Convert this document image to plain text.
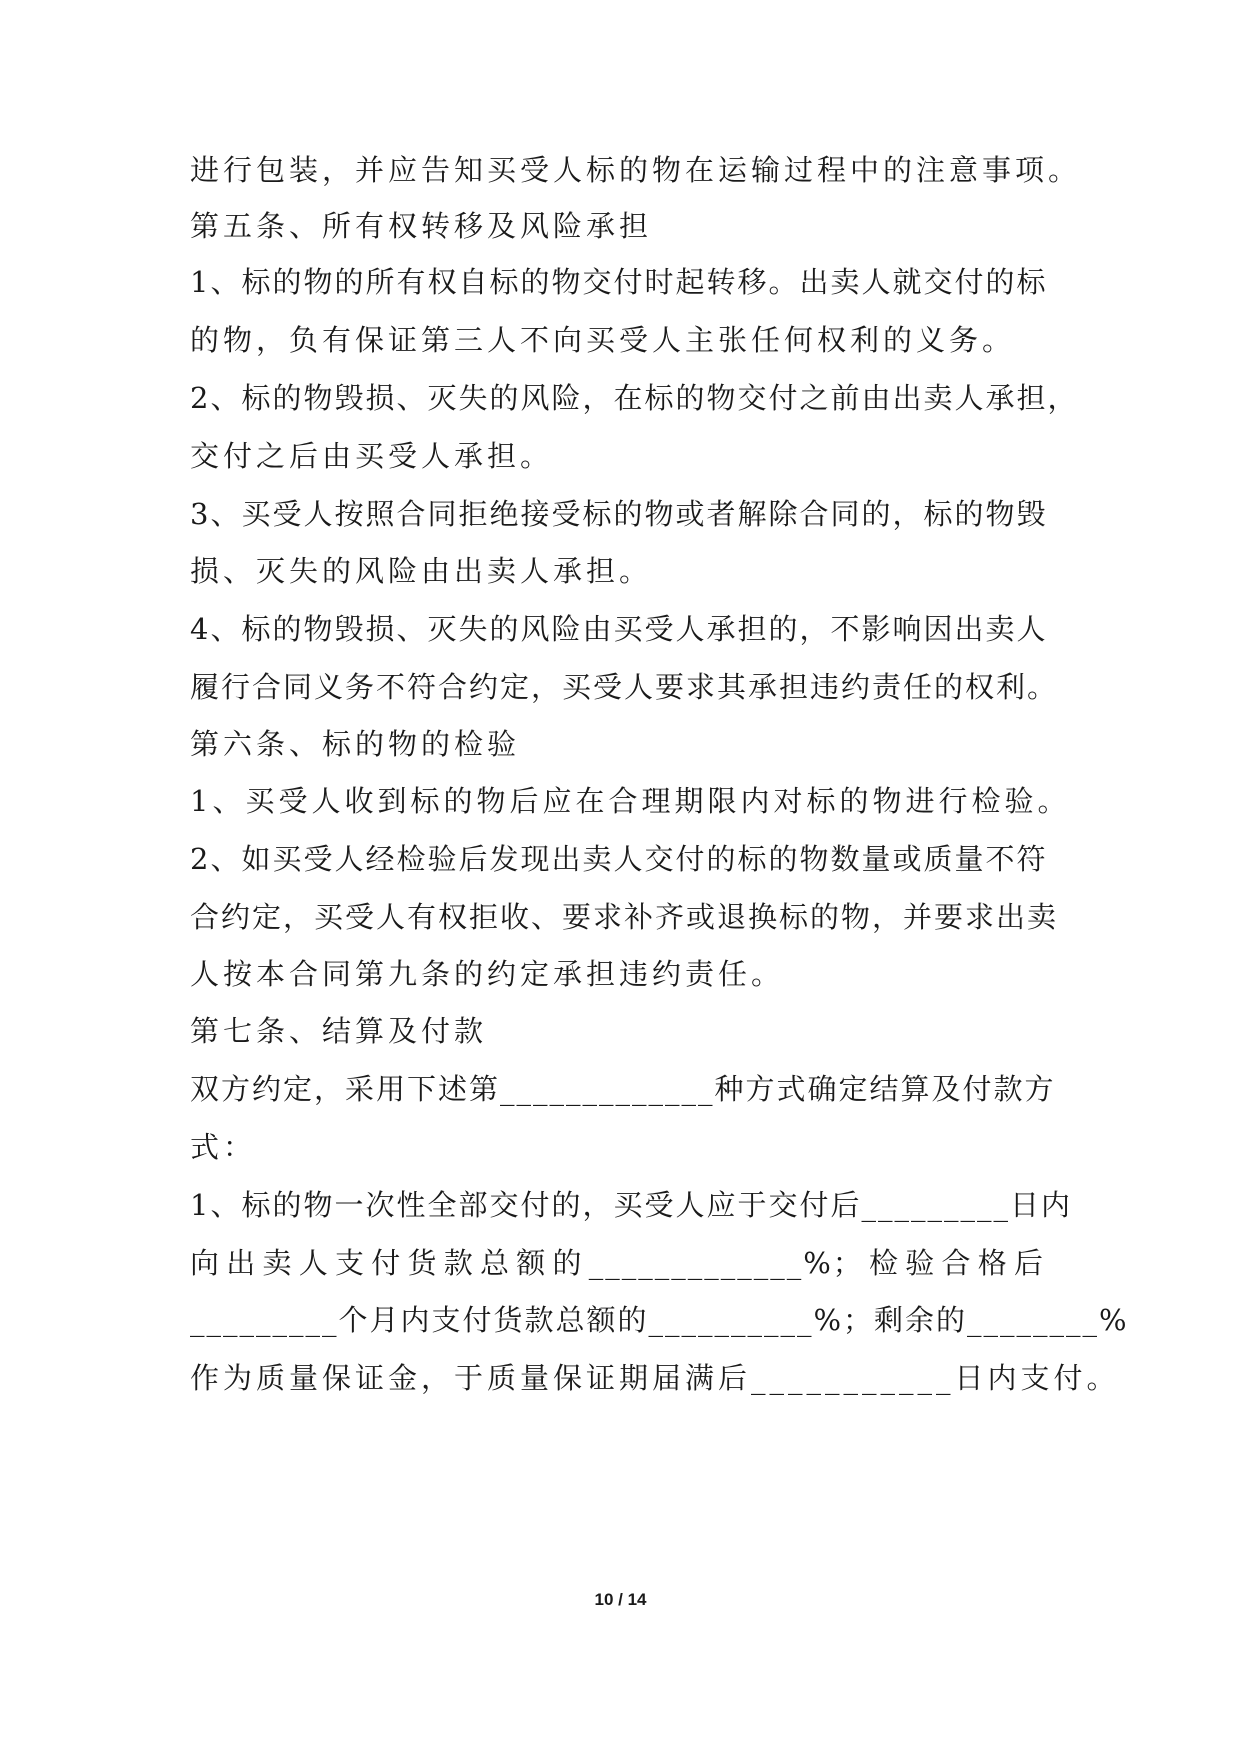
进行包装，并应告知买受人标的物在运输过程中的注意事项。
第五条、所有权转移及风险承担
1、标的物的所有权自标的物交付时起转移。出卖人就交付的标
的物，负有保证第三人不向买受人主张任何权利的义务。
2、标的物毁损、灭失的风险，在标的物交付之前由出卖人承担，
交付之后由买受人承担。
3、买受人按照合同拒绝接受标的物或者解除合同的，标的物毁
损、灭失的风险由出卖人承担。
4、标的物毁损、灭失的风险由买受人承担的，不影响因出卖人
履行合同义务不符合约定，买受人要求其承担违约责任的权利。
第六条、标的物的检验
1、买受人收到标的物后应在合理期限内对标的物进行检验。
2、如买受人经检验后发现出卖人交付的标的物数量或质量不符
合约定，买受人有权拒收、要求补齐或退换标的物，并要求出卖
人按本合同第九条的约定承担违约责任。
第七条、结算及付款
双方约定，采用下述第_____________种方式确定结算及付款方
式：
1、标的物一次性全部交付的，买受人应于交付后_________日内
向出卖人支付货款总额的_____________%；检验合格后
_________个月内支付货款总额的__________%；剩余的________%
作为质量保证金，于质量保证期届满后___________日内支付。
10 / 14
